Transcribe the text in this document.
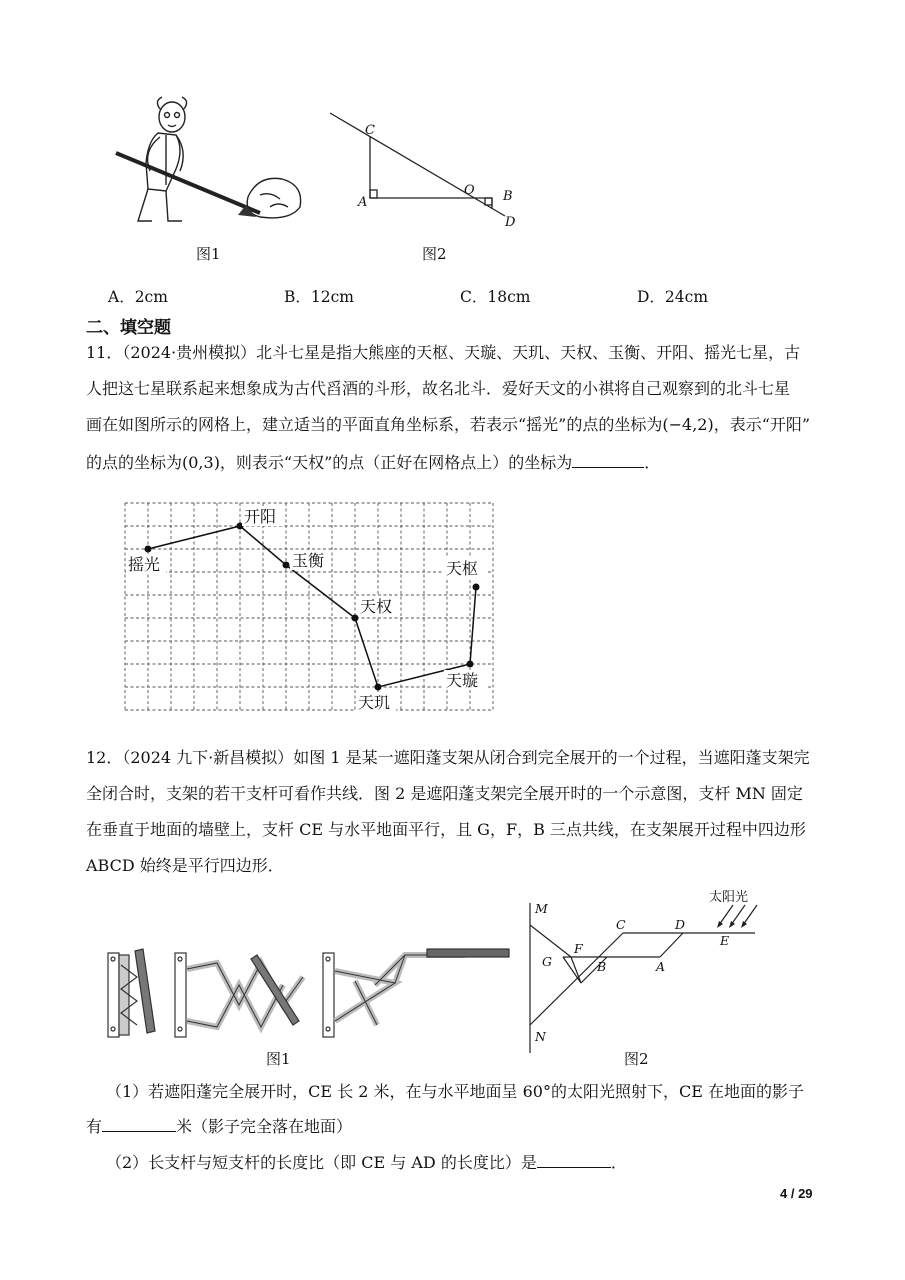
图1
C
A
O B
D
图2
A．2cm	B．12cm	C．18cm	D．24cm
二、填空题
11．（2024·贵州模拟）北斗七星是指大熊座的天枢、天璇、天玑、天权、玉衡、开阳、摇光七星，古
人把这七星联系起来想象成为古代舀酒的斗形，故名北斗．爱好天文的小祺将自己观察到的北斗七星
画在如图所示的网格上，建立适当的平面直角坐标系，若表示“摇光”的点的坐标为(−4,2)，表示“开阳”
的点的坐标为(0,3)，则表示“天权”的点（正好在网格点上）的坐标为	．
摇光
开阳
玉衡
天权
天玑
天璇
天枢
12．（2024 九下·新昌模拟）如图 1 是某一遮阳蓬支架从闭合到完全展开的一个过程，当遮阳蓬支架完
全闭合时，支架的若干支杆可看作共线．图 2 是遮阳蓬支架完全展开时的一个示意图，支杆 MN 固定
在垂直于地面的墙壁上，支杆 CE 与水平地面平行，且 G，F，B 三点共线，在支架展开过程中四边形
ABCD 始终是平行四边形．
图1
M
N
G
F
B
C	D
A
E
太阳光
图2
（1）若遮阳蓬完全展开时，CE 长 2 米，在与水平地面呈 60°的太阳光照射下，CE 在地面的影子
有	米（影子完全落在地面）
（2）长支杆与短支杆的长度比（即 CE 与 AD 的长度比）是	．
4 / 29
